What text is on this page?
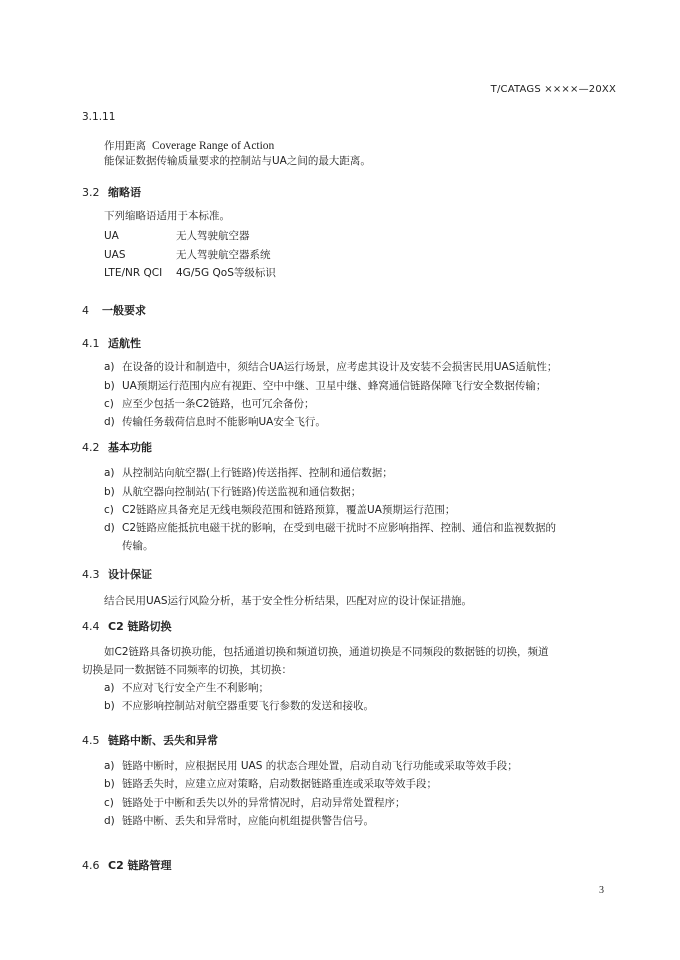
T/CATAGS ××××—20XX
3.1.11
作用距离 Coverage Range of Action
能保证数据传输质量要求的控制站与UA之间的最大距离。
3.2 缩略语
下列缩略语适用于本标准。
UA	无人驾驶航空器
UAS	无人驾驶航空器系统
LTE/NR QCI 4G/5G QoS等级标识
4 一般要求
4.1 适航性
a) 在设备的设计和制造中，须结合UA运行场景，应考虑其设计及安装不会损害民用UAS适航性；
b) UA预期运行范围内应有视距、空中中继、卫星中继、蜂窝通信链路保障飞行安全数据传输；
c) 应至少包括一条C2链路，也可冗余备份；
d) 传输任务载荷信息时不能影响UA安全飞行。
4.2 基本功能
a) 从控制站向航空器(上行链路)传送指挥、控制和通信数据；
b) 从航空器向控制站(下行链路)传送监视和通信数据；
c) C2链路应具备充足无线电频段范围和链路预算，覆盖UA预期运行范围；
d) C2链路应能抵抗电磁干扰的影响，在受到电磁干扰时不应影响指挥、控制、通信和监视数据的
传输。
4.3 设计保证
结合民用UAS运行风险分析，基于安全性分析结果，匹配对应的设计保证措施。
4.4 C2 链路切换
如C2链路具备切换功能，包括通道切换和频道切换，通道切换是不同频段的数据链的切换，频道
切换是同一数据链不同频率的切换，其切换：
a) 不应对飞行安全产生不利影响；
b) 不应影响控制站对航空器重要飞行参数的发送和接收。
4.5 链路中断、丢失和异常
a) 链路中断时，应根据民用 UAS 的状态合理处置，启动自动飞行功能或采取等效手段；
b) 链路丢失时，应建立应对策略，启动数据链路重连或采取等效手段；
c) 链路处于中断和丢失以外的异常情况时，启动异常处置程序；
d) 链路中断、丢失和异常时，应能向机组提供警告信号。
4.6 C2 链路管理
3
